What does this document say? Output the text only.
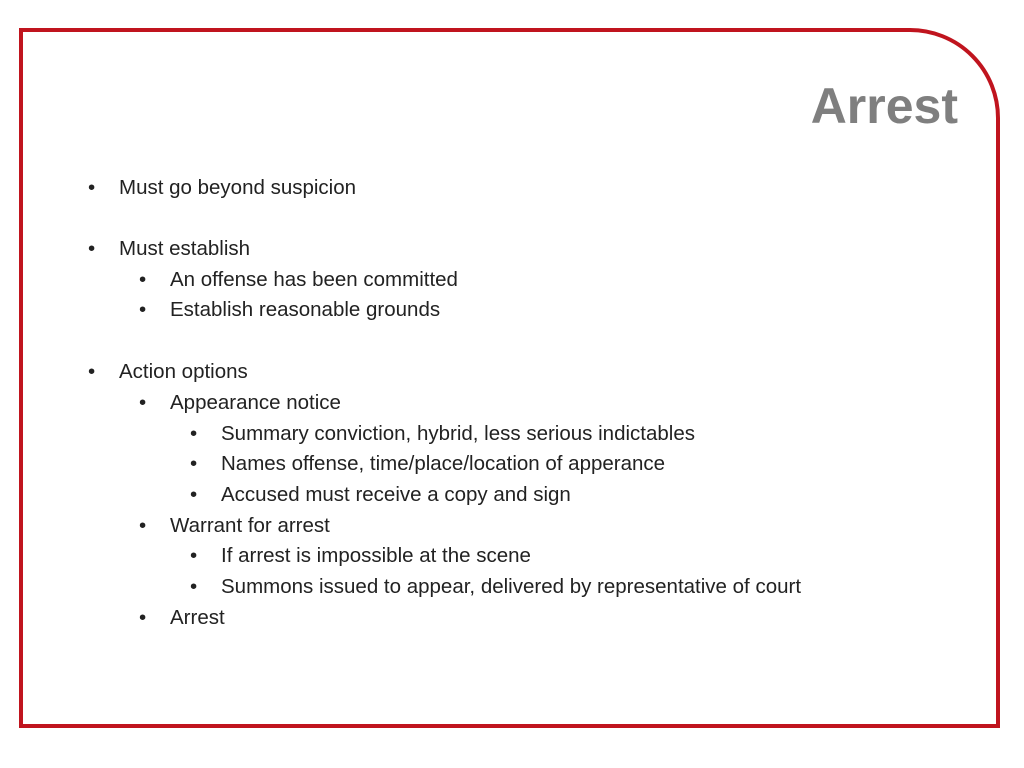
Arrest
• Must go beyond suspicion
• Must establish
• An offense has been committed
• Establish reasonable grounds
• Action options
• Appearance notice
• Summary conviction, hybrid, less serious indictables
• Names offense, time/place/location of apperance
• Accused must receive a copy and sign
• Warrant for arrest
• If arrest is impossible at the scene
• Summons issued to appear, delivered by representative of court
• Arrest
